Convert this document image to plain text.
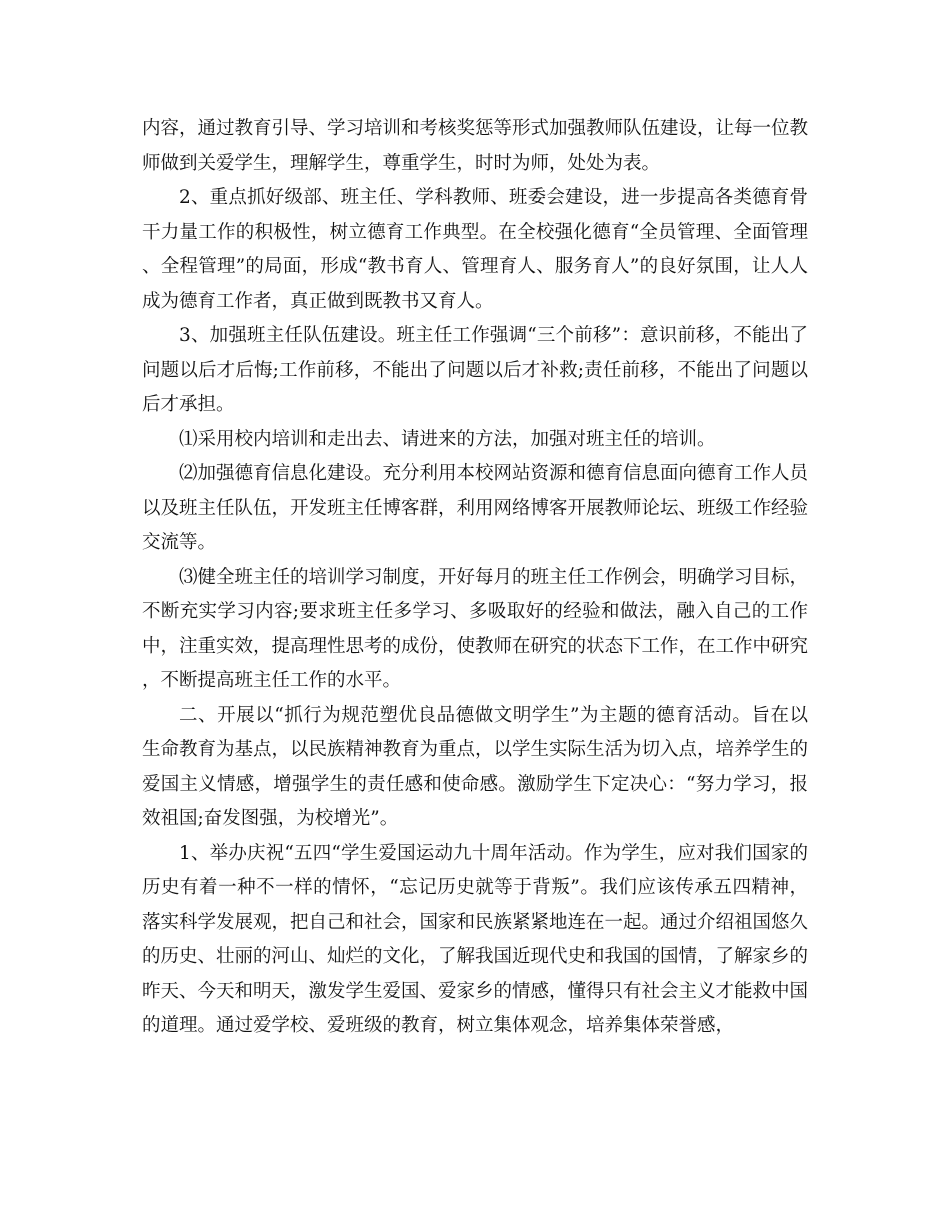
内容，通过教育引导、学习培训和考核奖惩等形式加强教师队伍建设，让每一位教师做到关爱学生，理解学生，尊重学生，时时为师，处处为表。

2、重点抓好级部、班主任、学科教师、班委会建设，进一步提高各类德育骨干力量工作的积极性，树立德育工作典型。在全校强化德育“全员管理、全面管理、全程管理”的局面，形成“教书育人、管理育人、服务育人”的良好氛围，让人人成为德育工作者，真正做到既教书又育人。

3、加强班主任队伍建设。班主任工作强调“三个前移”：意识前移，不能出了问题以后才后悔;工作前移，不能出了问题以后才补救;责任前移，不能出了问题以后才承担。

⑴采用校内培训和走出去、请进来的方法，加强对班主任的培训。

⑵加强德育信息化建设。充分利用本校网站资源和德育信息面向德育工作人员以及班主任队伍，开发班主任博客群，利用网络博客开展教师论坛、班级工作经验交流等。

⑶健全班主任的培训学习制度，开好每月的班主任工作例会，明确学习目标，不断充实学习内容;要求班主任多学习、多吸取好的经验和做法，融入自己的工作中，注重实效，提高理性思考的成份，使教师在研究的状态下工作，在工作中研究，不断提高班主任工作的水平。

二、开展以“抓行为规范塑优良品德做文明学生”为主题的德育活动。旨在以生命教育为基点，以民族精神教育为重点，以学生实际生活为切入点，培养学生的爱国主义情感，增强学生的责任感和使命感。激励学生下定决心：“努力学习，报效祖国;奋发图强，为校增光”。

1、举办庆祝“五四“学生爱国运动九十周年活动。作为学生，应对我们国家的历史有着一种不一样的情怀，“忘记历史就等于背叛”。我们应该传承五四精神，落实科学发展观，把自己和社会，国家和民族紧紧地连在一起。通过介绍祖国悠久的历史、壮丽的河山、灿烂的文化，了解我国近现代史和我国的国情，了解家乡的昨天、今天和明天，激发学生爱国、爱家乡的情感，懂得只有社会主义才能救中国的道理。通过爱学校、爱班级的教育，树立集体观念，培养集体荣誉感，
